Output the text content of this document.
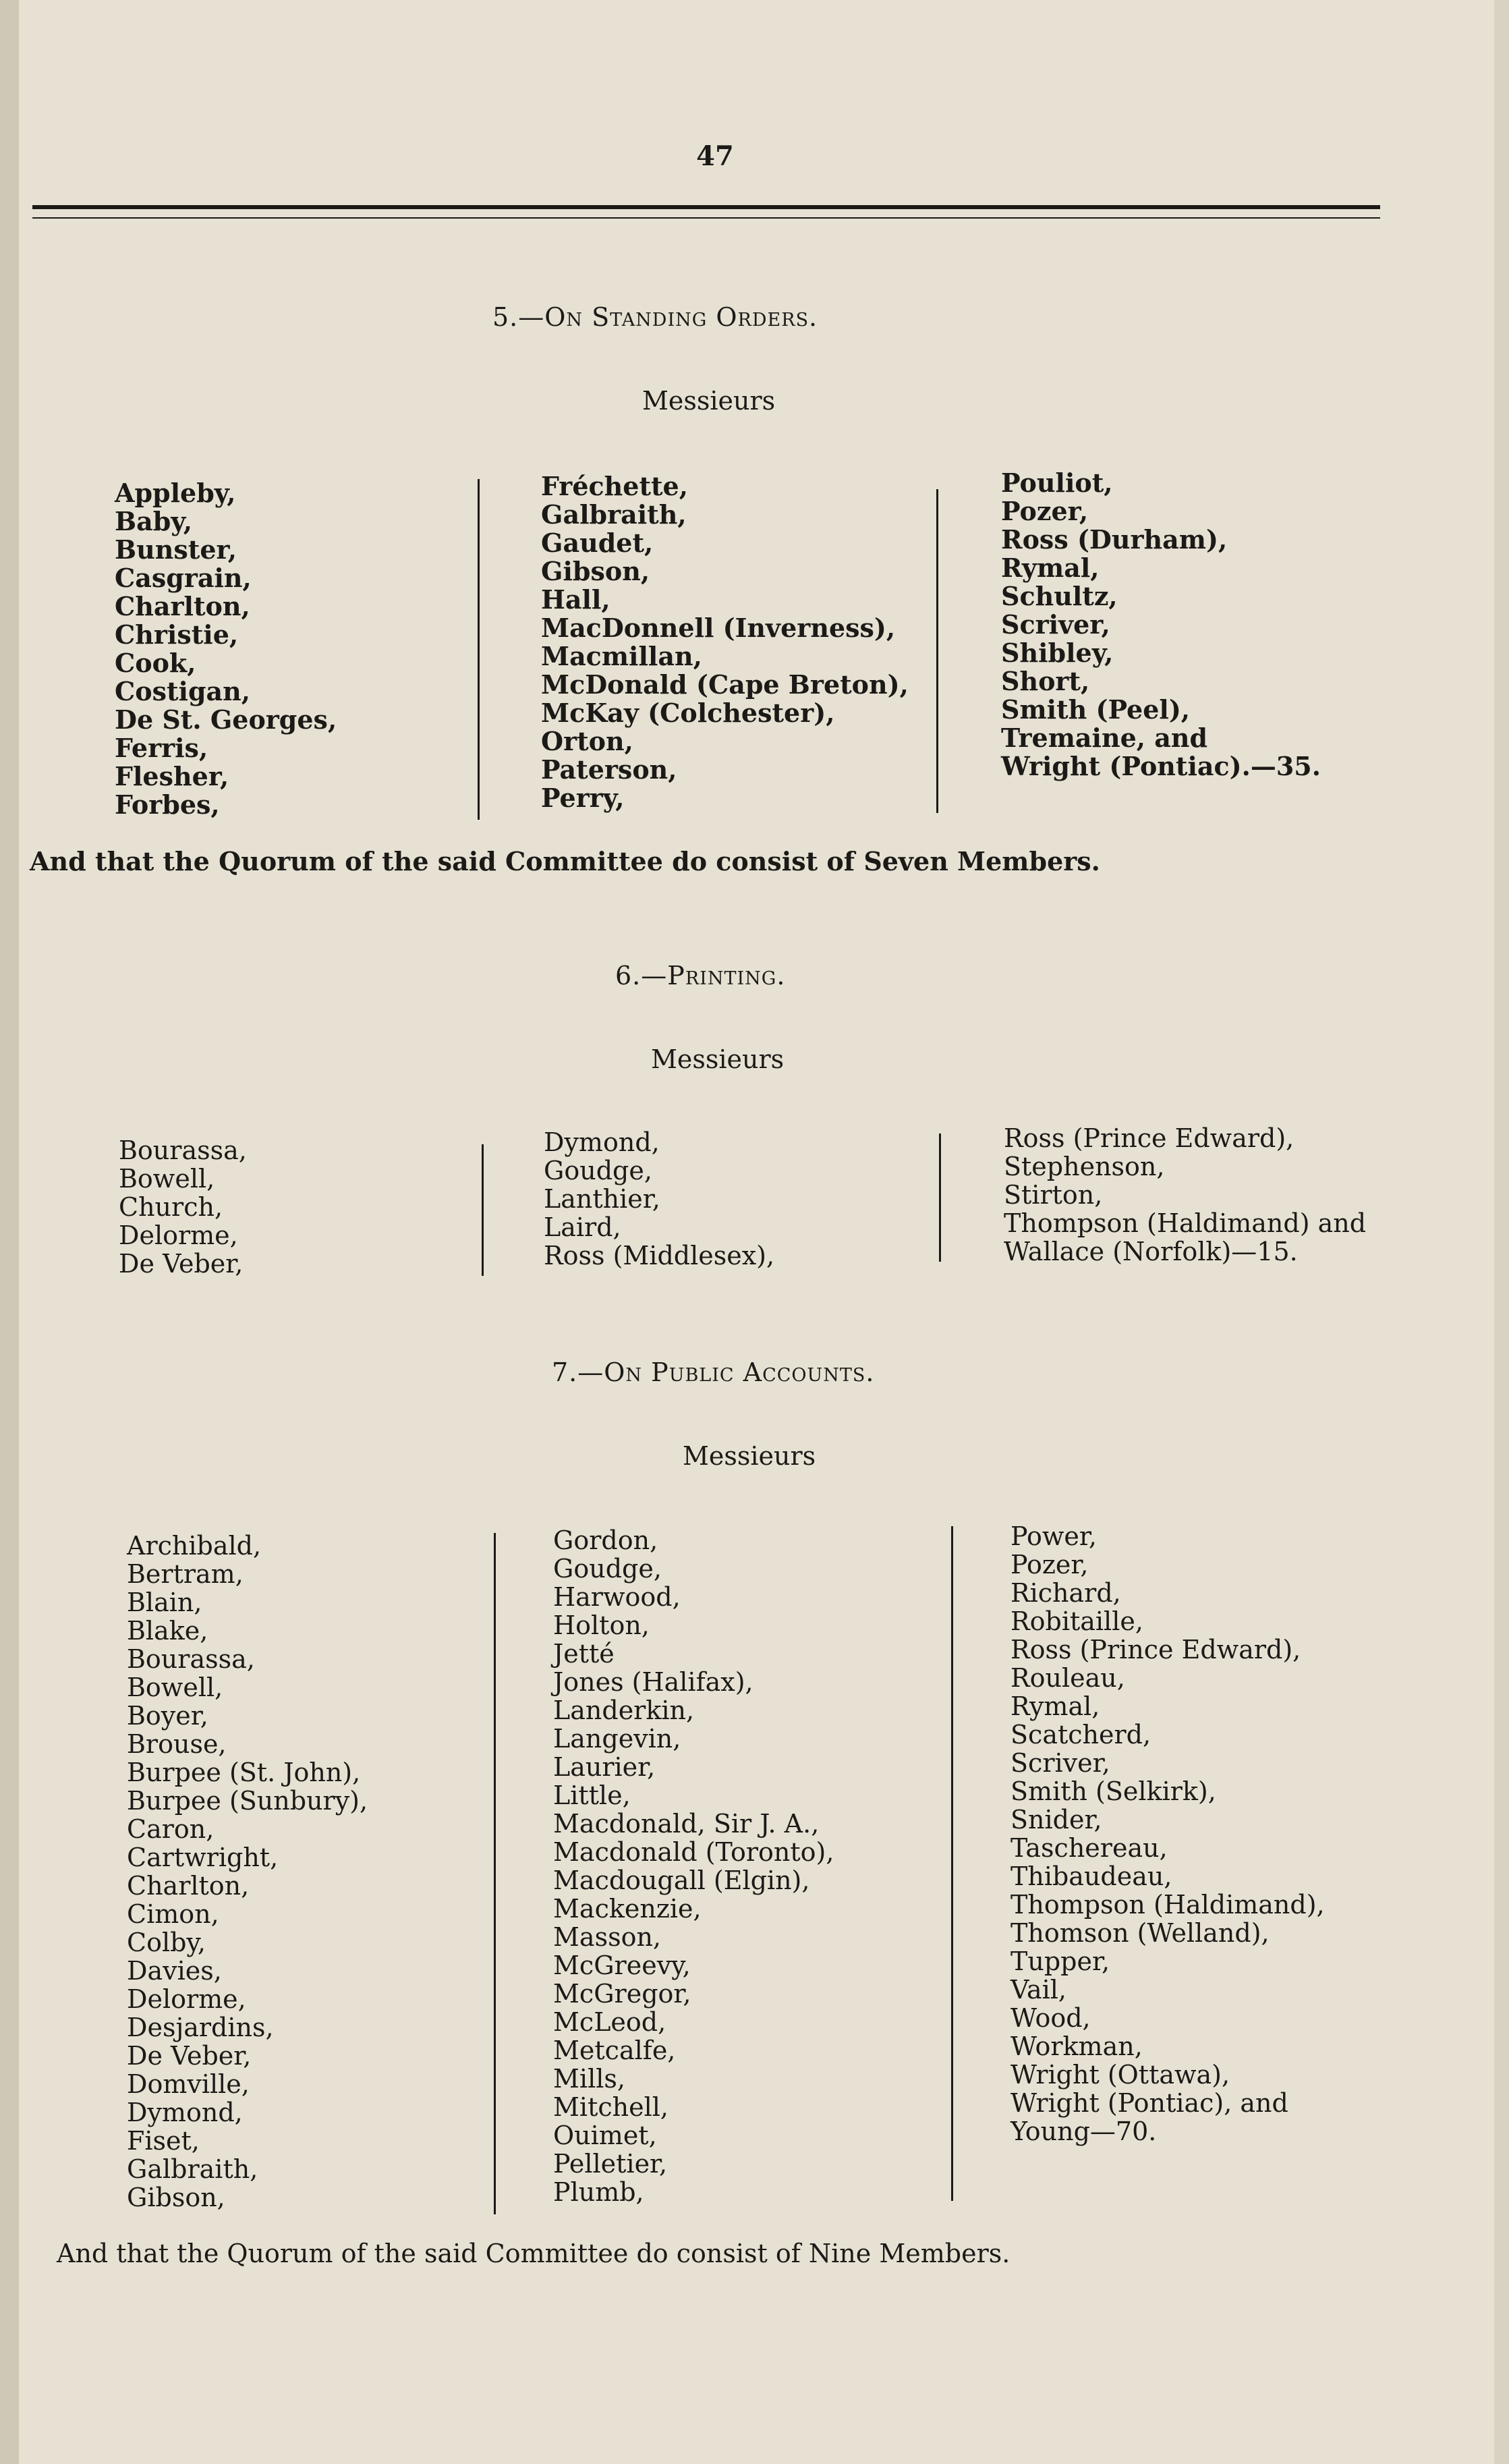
47
5.—On Standing Orders.
Messieurs
Appleby,
Baby,
Bunster,
Casgrain,
Charlton,
Christie,
Cook,
Costigan,
De St. Georges,
Ferris,
Flesher,
Forbes,
Fréchette,
Galbraith,
Gaudet,
Gibson,
Hall,
MacDonnell (Inverness),
Macmillan,
McDonald (Cape Breton),
McKay (Colchester),
Orton,
Paterson,
Perry,
Pouliot,
Pozer,
Ross (Durham),
Rymal,
Schultz,
Scriver,
Shibley,
Short,
Smith (Peel),
Tremaine, and
Wright (Pontiac).—35.
And that the Quorum of the said Committee do consist of Seven Members.
6.—Printing.
Messieurs
Bourassa,
Bowell,
Church,
Delorme,
De Veber,
Dymond,
Goudge,
Lanthier,
Laird,
Ross (Middlesex),
Ross (Prince Edward),
Stephenson,
Stirton,
Thompson (Haldimand) and
Wallace (Norfolk)—15.
7.—On Public Accounts.
Messieurs
Archibald,
Bertram,
Blain,
Blake,
Bourassa,
Bowell,
Boyer,
Brouse,
Burpee (St. John),
Burpee (Sunbury),
Caron,
Cartwright,
Charlton,
Cimon,
Colby,
Davies,
Delorme,
Desjardins,
De Veber,
Domville,
Dymond,
Fiset,
Galbraith,
Gibson,
Gordon,
Goudge,
Harwood,
Holton,
Jetté
Jones (Halifax),
Landerkin,
Langevin,
Laurier,
Little,
Macdonald, Sir J. A.,
Macdonald (Toronto),
Macdougall (Elgin),
Mackenzie,
Masson,
McGreevy,
McGregor,
McLeod,
Metcalfe,
Mills,
Mitchell,
Ouimet,
Pelletier,
Plumb,
Power,
Pozer,
Richard,
Robitaille,
Ross (Prince Edward),
Rouleau,
Rymal,
Scatcherd,
Scriver,
Smith (Selkirk),
Snider,
Taschereau,
Thibaudeau,
Thompson (Haldimand),
Thomson (Welland),
Tupper,
Vail,
Wood,
Workman,
Wright (Ottawa),
Wright (Pontiac), and
Young—70.
And that the Quorum of the said Committee do consist of Nine Members.
